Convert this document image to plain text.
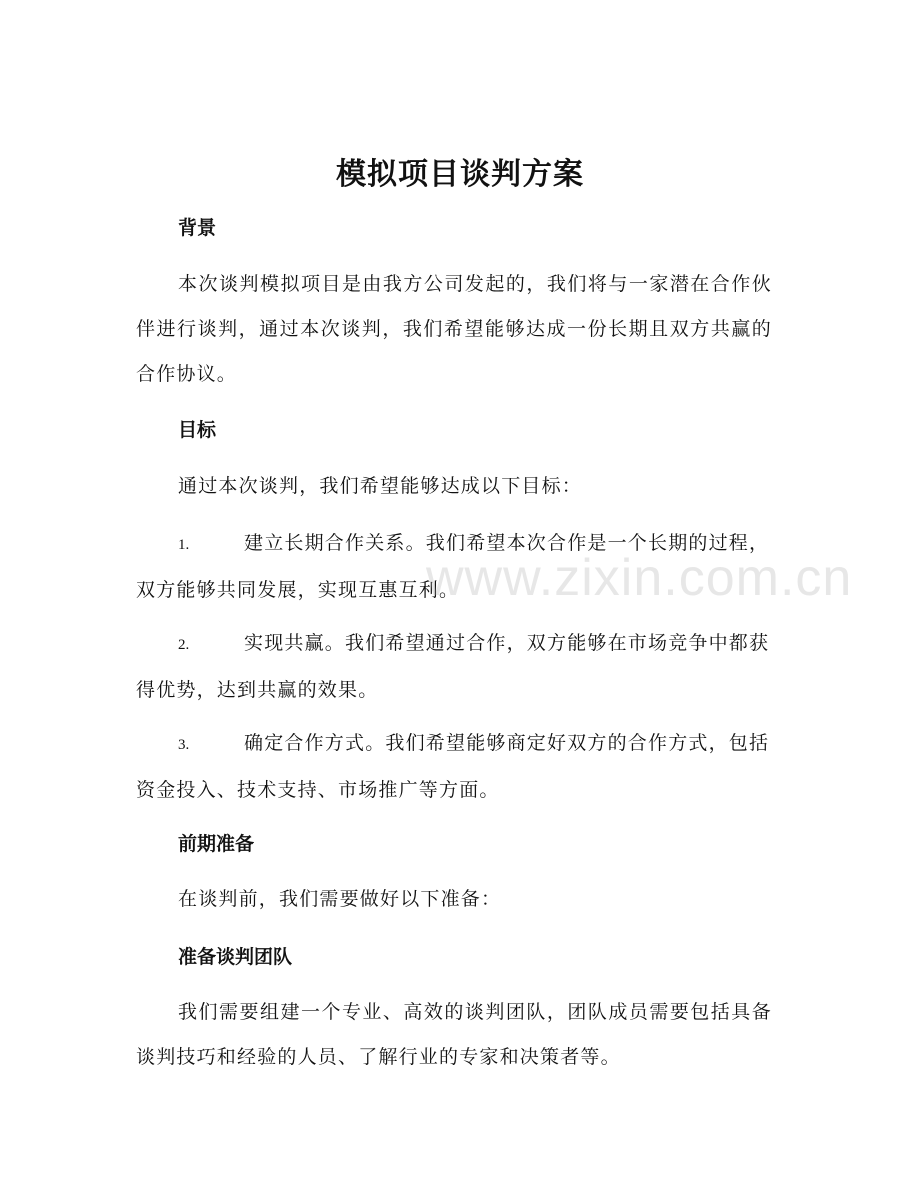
模拟项目谈判方案
背景
本次谈判模拟项目是由我方公司发起的，我们将与一家潜在合作伙伴进行谈判，通过本次谈判，我们希望能够达成一份长期且双方共赢的合作协议。
目标
通过本次谈判，我们希望能够达成以下目标：
1.	建立长期合作关系。我们希望本次合作是一个长期的过程，双方能够共同发展，实现互惠互利。
2.	实现共赢。我们希望通过合作，双方能够在市场竞争中都获得优势，达到共赢的效果。
3.	确定合作方式。我们希望能够商定好双方的合作方式，包括资金投入、技术支持、市场推广等方面。
前期准备
在谈判前，我们需要做好以下准备：
准备谈判团队
我们需要组建一个专业、高效的谈判团队，团队成员需要包括具备谈判技巧和经验的人员、了解行业的专家和决策者等。
www.zixin.com.cn
